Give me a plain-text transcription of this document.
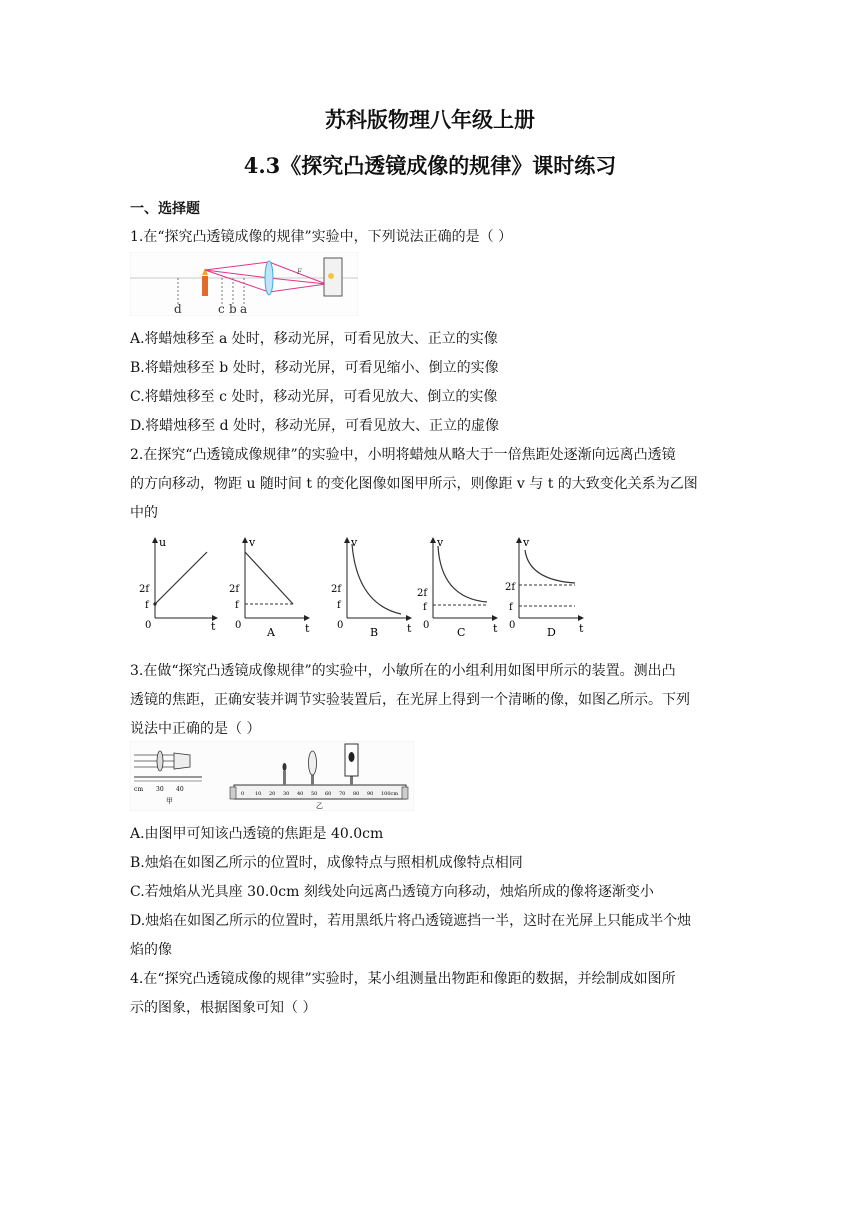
苏科版物理八年级上册
4.3《探究凸透镜成像的规律》课时练习
一、选择题
1.在“探究凸透镜成像的规律”实验中，下列说法正确的是（ ）
F
d	c b a
A.将蜡烛移至 a 处时，移动光屏，可看见放大、正立的实像
B.将蜡烛移至 b 处时，移动光屏，可看见缩小、倒立的实像
C.将蜡烛移至 c 处时，移动光屏，可看见放大、倒立的实像
D.将蜡烛移至 d 处时，移动光屏，可看见放大、正立的虚像
2.在探究“凸透镜成像规律”的实验中，小明将蜡烛从略大于一倍焦距处逐渐向远离凸透镜
的方向移动，物距 u 随时间 t 的变化图像如图甲所示，则像距 v 与 t 的大致变化关系为乙图
中的
u
t
2f
f
0
v
t
2f
f
0
A
v
t
2f
f
0
B
v
t
2f
f
0
C
v
t
2f
f
0
D
3.在做“探究凸透镜成像规律”的实验中，小敏所在的小组利用如图甲所示的装置。测出凸
透镜的焦距，正确安装并调节实验装置后，在光屏上得到一个清晰的像，如图乙所示。下列
说法中正确的是（ ）
cm 30 40
甲
0 10 20 30 40 50 60 70 80 90 100cm
乙
A.由图甲可知该凸透镜的焦距是 40.0cm
B.烛焰在如图乙所示的位置时，成像特点与照相机成像特点相同
C.若烛焰从光具座 30.0cm 刻线处向远离凸透镜方向移动，烛焰所成的像将逐渐变小
D.烛焰在如图乙所示的位置时，若用黑纸片将凸透镜遮挡一半，这时在光屏上只能成半个烛
焰的像
4.在“探究凸透镜成像的规律”实验时，某小组测量出物距和像距的数据，并绘制成如图所
示的图象，根据图象可知（ ）
